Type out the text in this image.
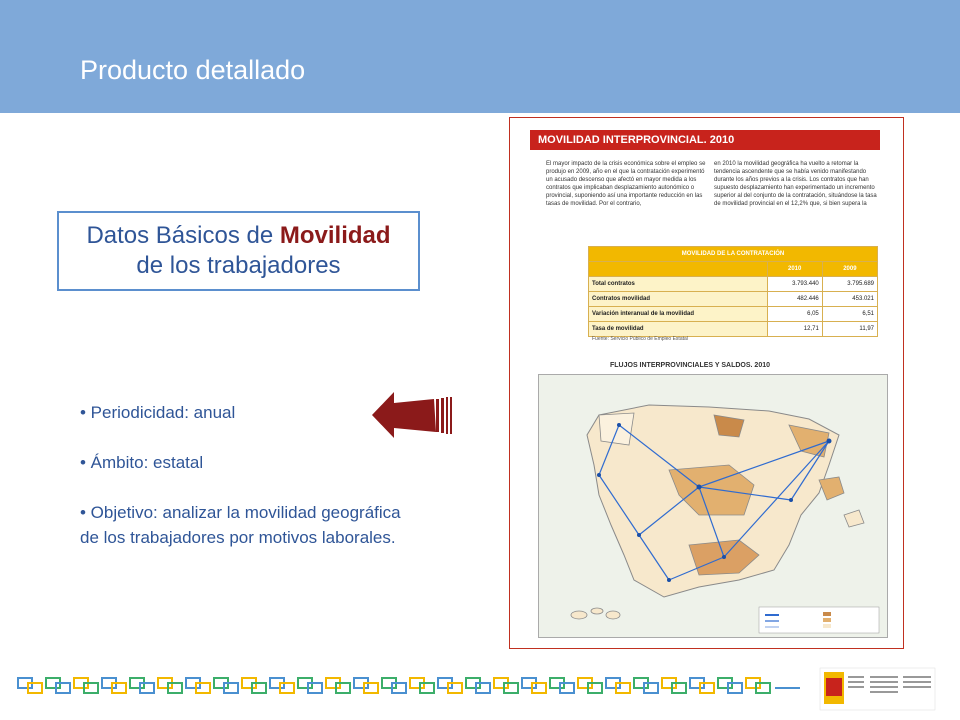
Producto detallado
Datos Básicos de Movilidad
de los trabajadores

• Periodicidad: anual

• Ámbito: estatal

• Objetivo: analizar la movilidad geográfica de los trabajadores por motivos laborales.

MOVILIDAD INTERPROVINCIAL. 2010
El mayor impacto de la crisis económica sobre el empleo se produjo en 2009, año en el que la contratación experimentó un acusado descenso que afectó en mayor medida a los contratos que implicaban desplazamiento autonómico o provincial, suponiendo así una importante reducción en las tasas de movilidad. Por el contrario,
en 2010 la movilidad geográfica ha vuelto a retomar la tendencia ascendente que se había venido manifestando durante los años previos a la crisis. Los contratos que han supuesto desplazamiento han experimentado un incremento superior al del conjunto de la contratación, situándose la tasa de movilidad provincial en el 12,2% que, si bien supera la
MOVILIDAD DE LA CONTRATACIÓN		
	2010	2009
Total contratos	3.793.440	3.795.689
Contratos movilidad	482.446	453.021
Variación interanual de la movilidad	6,05	6,51
Tasa de movilidad	12,71	11,97
Fuente: Servicio Público de Empleo Estatal
FLUJOS INTERPROVINCIALES Y SALDOS. 2010
